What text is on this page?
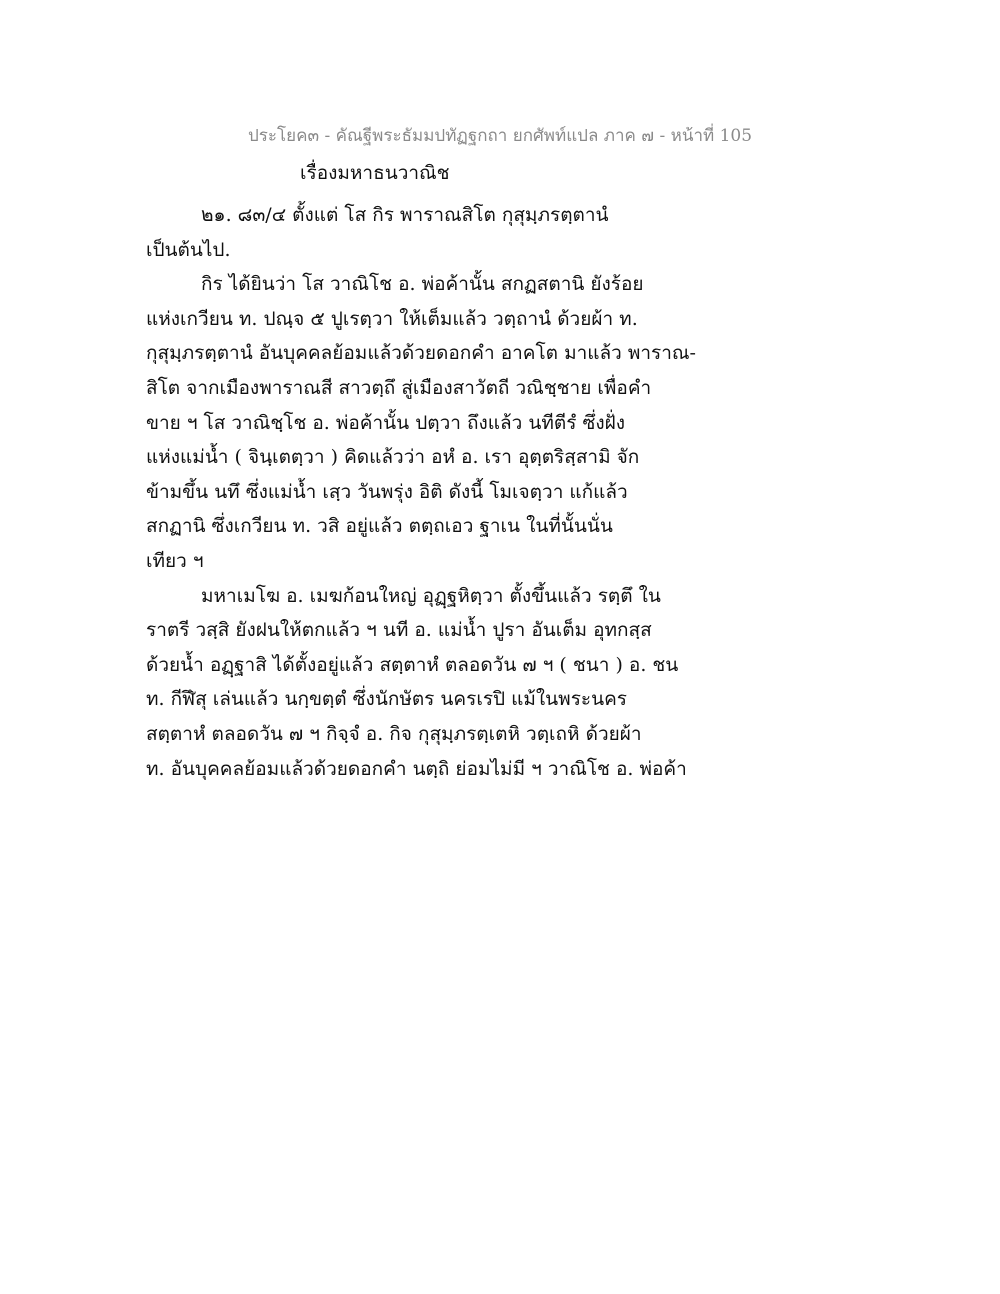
ประโยค๓ - คัณฐีพระธัมมปทัฏฐกถา ยกศัพท์แปล ภาค ๗ - หน้าที่ 105
เรื่องมหาธนวาณิช
๒๑. ๘๓/๔ ตั้งแต่ โส กิร พาราณสิโต กุสุมฺภรตฺตานํ
เป็นต้นไป.
กิร ได้ยินว่า โส วาณิโช อ. พ่อค้านั้น สกฏสตานิ ยังร้อย
แห่งเกวียน ท. ปณฺจ ๕ ปูเรตฺวา ให้เต็มแล้ว วตฺถานํ ด้วยผ้า ท.
กุสุมฺภรตฺตานํ อันบุคคลย้อมแล้วด้วยดอกคำ อาคโต มาแล้ว พาราณ-
สิโต จากเมืองพาราณสี สาวตฺถึ สู่เมืองสาวัตถี วณิชฺชาย เพื่อคำ
ขาย ฯ โส วาณิชฺโช อ. พ่อค้านั้น ปตฺวา ถึงแล้ว นทีตีรํ ซึ่งฝั่ง
แห่งแม่น้ำ ( จินฺเตตฺวา ) คิดแล้วว่า อหํ อ. เรา อุตฺตริสฺสามิ จัก
ข้ามขึ้น นทึ ซึ่งแม่น้ำ เสฺว วันพรุ่ง อิติ ดังนี้ โมเจตฺวา แก้แล้ว
สกฏานิ ซึ่งเกวียน ท. วสิ อยู่แล้ว ตตฺถเอว ฐาเน ในที่นั้นนั่น
เทียว ฯ
มหาเมโฆ อ. เมฆก้อนใหญ่ อุฏฺฐหิตฺวา ตั้งขึ้นแล้ว รตฺตึ ใน
ราตรี วสฺสิ ยังฝนให้ตกแล้ว ฯ นที อ. แม่น้ำ ปูรา อันเต็ม อุทกสฺส
ด้วยน้ำ อฏฺฐาสิ ได้ตั้งอยู่แล้ว สตฺตาหํ ตลอดวัน ๗ ฯ ( ชนา ) อ. ชน
ท. กีฬึสุ เล่นแล้ว นกฺขตฺตํ ซึ่งนักษัตร นครเรปิ แม้ในพระนคร
สตฺตาหํ ตลอดวัน ๗ ฯ กิจฺจํ อ. กิจ กุสุมฺภรตฺเตหิ วตฺเถหิ ด้วยผ้า
ท. อันบุคคลย้อมแล้วด้วยดอกคำ นตฺถิ ย่อมไม่มี ฯ วาณิโช อ. พ่อค้า
